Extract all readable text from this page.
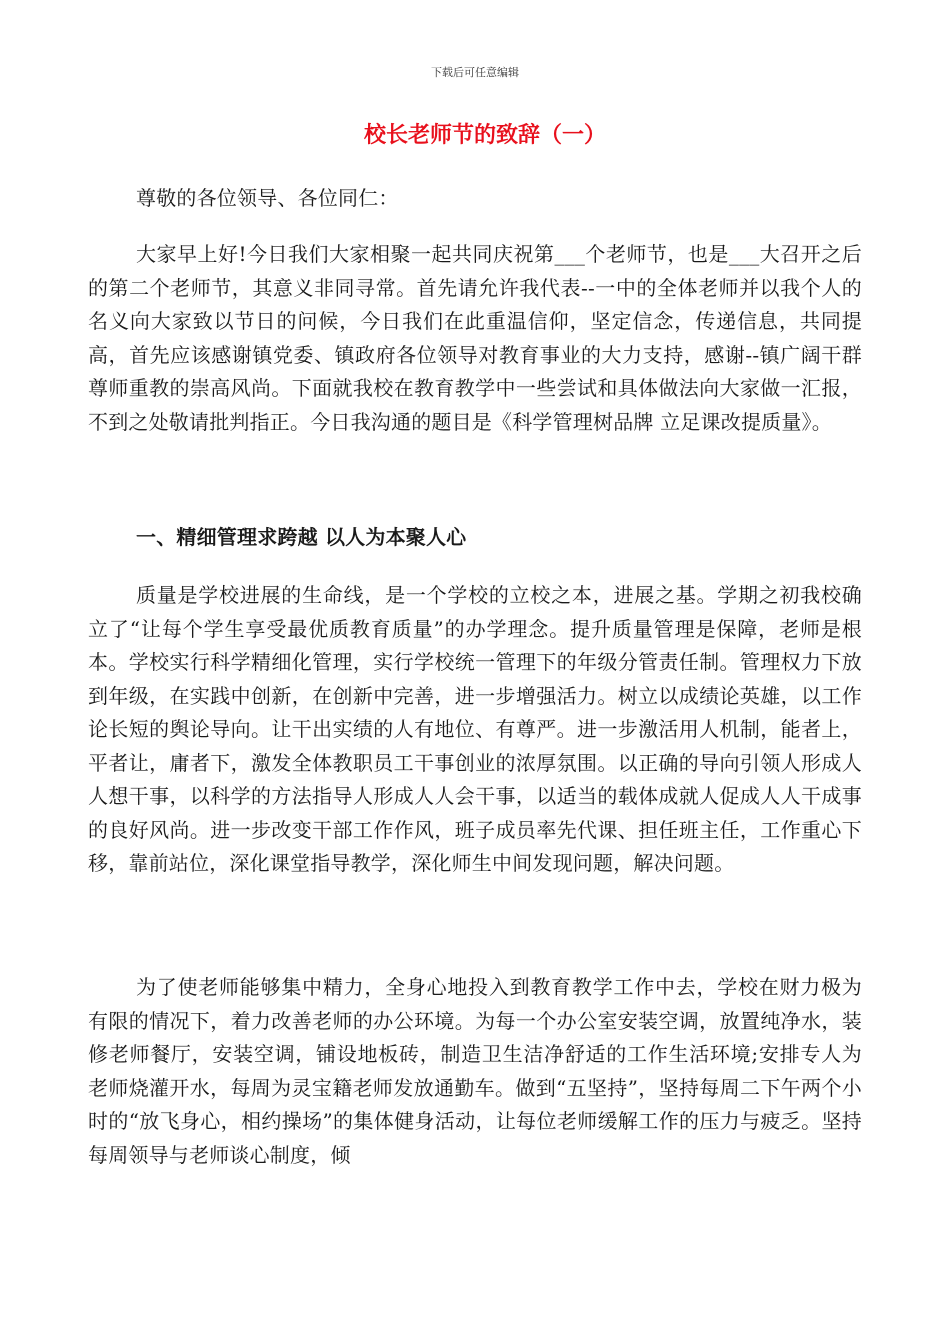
下载后可任意编辑
校长老师节的致辞（一）
尊敬的各位领导、各位同仁：
大家早上好!今日我们大家相聚一起共同庆祝第___个老师节，也是___大召开之后的第二个老师节，其意义非同寻常。首先请允许我代表--一中的全体老师并以我个人的名义向大家致以节日的问候，今日我们在此重温信仰，坚定信念，传递信息，共同提高，首先应该感谢镇党委、镇政府各位领导对教育事业的大力支持，感谢--镇广阔干群尊师重教的崇高风尚。下面就我校在教育教学中一些尝试和具体做法向大家做一汇报，不到之处敬请批判指正。今日我沟通的题目是《科学管理树品牌 立足课改提质量》。
一、精细管理求跨越 以人为本聚人心
质量是学校进展的生命线，是一个学校的立校之本，进展之基。学期之初我校确立了“让每个学生享受最优质教育质量”的办学理念。提升质量管理是保障，老师是根本。学校实行科学精细化管理，实行学校统一管理下的年级分管责任制。管理权力下放到年级，在实践中创新，在创新中完善，进一步增强活力。树立以成绩论英雄，以工作论长短的舆论导向。让干出实绩的人有地位、有尊严。进一步激活用人机制，能者上，平者让，庸者下，激发全体教职员工干事创业的浓厚氛围。以正确的导向引领人形成人人想干事，以科学的方法指导人形成人人会干事，以适当的载体成就人促成人人干成事的良好风尚。进一步改变干部工作作风，班子成员率先代课、担任班主任，工作重心下移，靠前站位，深化课堂指导教学，深化师生中间发现问题，解决问题。
为了使老师能够集中精力，全身心地投入到教育教学工作中去，学校在财力极为有限的情况下，着力改善老师的办公环境。为每一个办公室安装空调，放置纯净水，装修老师餐厅，安装空调，铺设地板砖，制造卫生洁净舒适的工作生活环境;安排专人为老师烧灌开水，每周为灵宝籍老师发放通勤车。做到“五坚持”，坚持每周二下午两个小时的“放飞身心，相约操场”的集体健身活动，让每位老师缓解工作的压力与疲乏。坚持每周领导与老师谈心制度，倾
